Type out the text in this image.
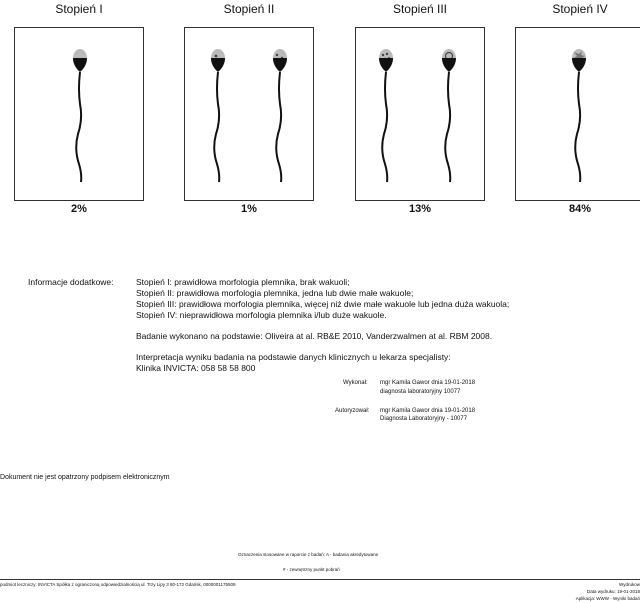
Stopień I
2%
Stopień II
1%
Stopień III
13%
Stopień IV
84%
Informacje dodatkowe:	Stopień I: prawidłowa morfologia plemnika, brak wakuoli;
Stopień II: prawidłowa morfologia plemnika, jedna lub dwie małe wakuole;
Stopień III: prawidłowa morfologia plemnika, więcej niż dwie małe wakuole lub jedna duża wakuola;
Stopień IV: nieprawidłowa morfologia plemnika i/lub duże wakuole.
Badanie wykonano na podstawie: Oliveira at al. RB&E 2010, Vanderzwalmen at al. RBM 2008.
Interpretacja wyniku badania na podstawie danych klinicznych u lekarza specjalisty:
Klinika INVICTA: 058 58 58 800
Wykonał: mgr Kamila Gawor dnia 19-01-2018
diagnosta laboratoryjny 10077
Autoryzował: mgr Kamila Gawor dnia 19-01-2018
Diagnosta Laboratoryjny - 10077
Dokument nie jest opatrzony podpisem elektronicznym
Oznaczenia stosowane w raporcie z badań: A - badania akredytowane
# - zewnętrzny punkt pobrań
podmiot leczniczy: INVICTA Spółka z ograniczoną odpowiedzialnością ul. Trzy Lipy 3 80-172 Gdańsk, 0000001175509	Wydrukow
Data wydruku: 19-01-2018
Aplikacja: WWW - Wyniki badań
